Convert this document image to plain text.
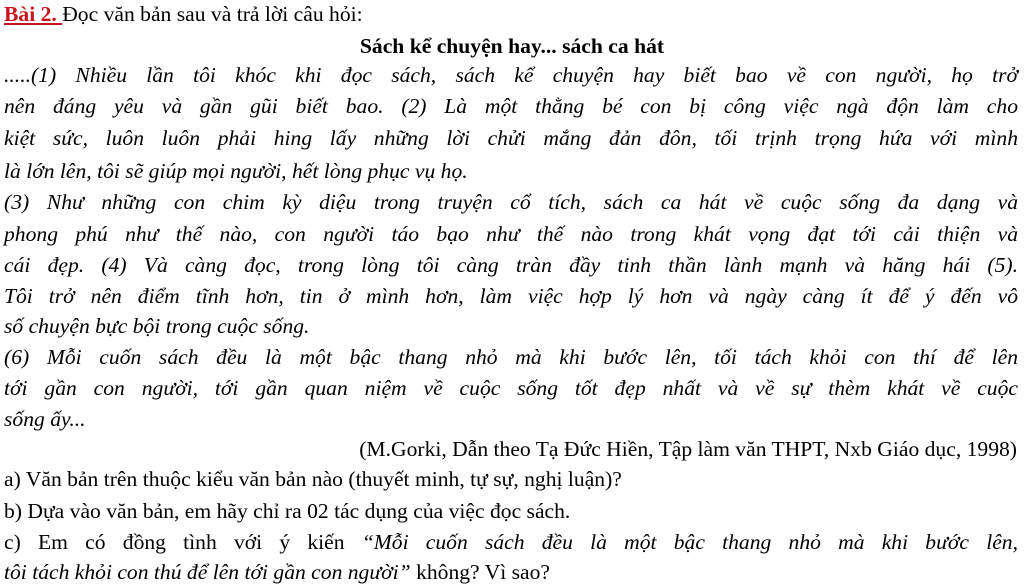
Bài 2. Đọc văn bản sau và trả lời câu hỏi:
Sách kể chuyện hay... sách ca hát
.....(1) Nhiều lần tôi khóc khi đọc sách, sách kể chuyện hay biết bao về con người, họ trở
nên đáng yêu và gần gũi biết bao. (2) Là một thằng bé con bị công việc ngà độn làm cho
kiệt sức, luôn luôn phải hing lấy những lời chửi mắng đản đôn, tối trịnh trọng hứa với mình
là lớn lên, tôi sẽ giúp mọi người, hết lòng phục vụ họ.
(3) Như những con chim kỳ diệu trong truyện cổ tích, sách ca hát về cuộc sống đa dạng và
phong phú như thế nào, con người táo bạo như thế nào trong khát vọng đạt tới cải thiện và
cái đẹp. (4) Và càng đọc, trong lòng tôi càng tràn đầy tinh thần lành mạnh và hăng hái (5).
Tôi trở nên điểm tĩnh hơn, tin ở mình hơn, làm việc hợp lý hơn và ngày càng ít để ý đến vô
số chuyện bực bội trong cuộc sống.
(6) Mỗi cuốn sách đều là một bậc thang nhỏ mà khi bước lên, tối tách khỏi con thí để lên
tới gần con người, tới gần quan niệm về cuộc sống tốt đẹp nhất và về sự thèm khát về cuộc
sống ấy...
(M.Gorki, Dẫn theo Tạ Đức Hiền, Tập làm văn THPT, Nxb Giáo dục, 1998)
a) Văn bản trên thuộc kiểu văn bản nào (thuyết minh, tự sự, nghị luận)?
b) Dựa vào văn bản, em hãy chỉ ra 02 tác dụng của việc đọc sách.
c) Em có đồng tình với ý kiến “Mỗi cuốn sách đều là một bậc thang nhỏ mà khi bước lên,
tôi tách khỏi con thú để lên tới gần con người” không? Vì sao?
